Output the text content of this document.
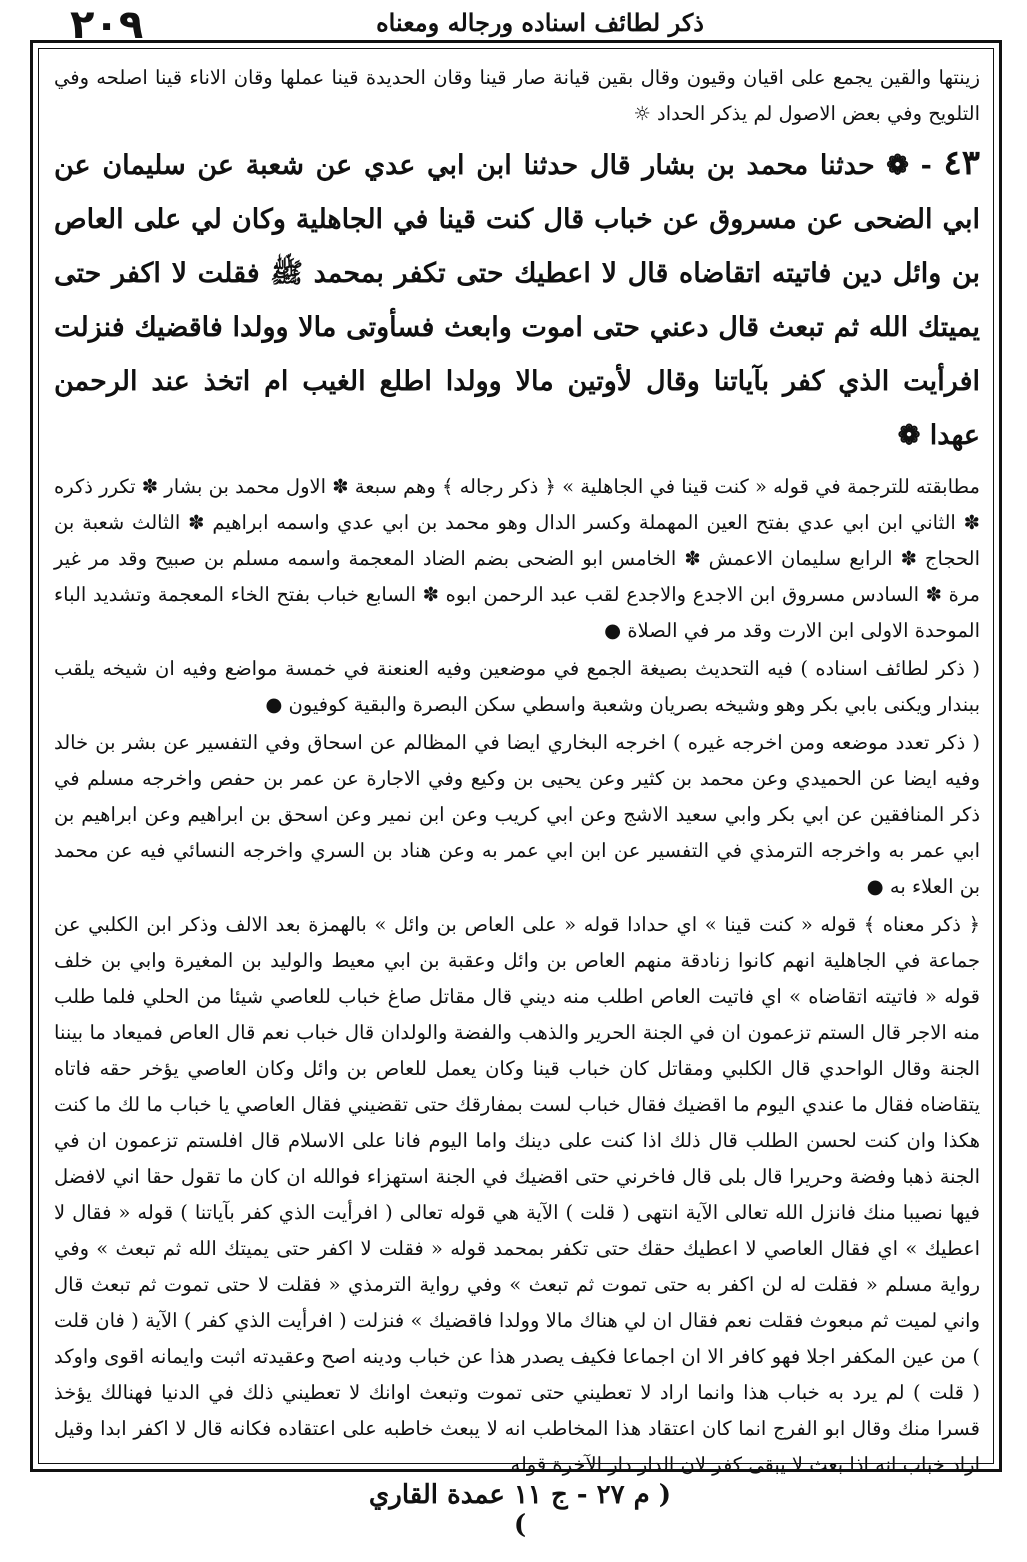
٢٠٩	ذكر لطائف اسناده ورجاله ومعناه

زينتها والقين يجمع على اقيان وقيون وقال بقين قيانة صار قينا وقان الحديدة قينا عملها وقان الاناء قينا اصلحه وفي التلويح وفي بعض الاصول لم يذكر الحداد ☼

٤٣ - ❁ حدثنا محمد بن بشار قال حدثنا ابن ابي عدي عن شعبة عن سليمان عن ابي الضحى عن مسروق عن خباب قال كنت قينا في الجاهلية وكان لي على العاص بن وائل دين فاتيته اتقاضاه قال لا اعطيك حتى تكفر بمحمد ﷺ فقلت لا اكفر حتى يميتك الله ثم تبعث قال دعني حتى اموت وابعث فسأوتى مالا وولدا فاقضيك فنزلت افرأيت الذي كفر بآياتنا وقال لأوتين مالا وولدا اطلع الغيب ام اتخذ عند الرحمن عهدا ❁

مطابقته للترجمة في قوله « كنت قينا في الجاهلية » ﴿ ذكر رجاله ﴾ وهم سبعة ✽ الاول محمد بن بشار ✽ تكرر ذكره ✽ الثاني ابن ابي عدي بفتح العين المهملة وكسر الدال وهو محمد بن ابي عدي واسمه ابراهيم ✽ الثالث شعبة بن الحجاج ✽ الرابع سليمان الاعمش ✽ الخامس ابو الضحى بضم الضاد المعجمة واسمه مسلم بن صبيح وقد مر غير مرة ✽ السادس مسروق ابن الاجدع والاجدع لقب عبد الرحمن ابوه ✽ السابع خباب بفتح الخاء المعجمة وتشديد الباء الموحدة الاولى ابن الارت وقد مر في الصلاة ●

( ذكر لطائف اسناده ) فيه التحديث بصيغة الجمع في موضعين وفيه العنعنة في خمسة مواضع وفيه ان شيخه يلقب ببندار ويكنى بابي بكر وهو وشيخه بصريان وشعبة واسطي سكن البصرة والبقية كوفيون ●

( ذكر تعدد موضعه ومن اخرجه غيره ) اخرجه البخاري ايضا في المظالم عن اسحاق وفي التفسير عن بشر بن خالد وفيه ايضا عن الحميدي وعن محمد بن كثير وعن يحيى بن وكيع وفي الاجارة عن عمر بن حفص واخرجه مسلم في ذكر المنافقين عن ابي بكر وابي سعيد الاشج وعن ابي كريب وعن ابن نمير وعن اسحق بن ابراهيم وعن ابراهيم بن ابي عمر به واخرجه الترمذي في التفسير عن ابن ابي عمر به وعن هناد بن السري واخرجه النسائي فيه عن محمد بن العلاء به ●

﴿ ذكر معناه ﴾ قوله « كنت قينا » اي حدادا قوله « على العاص بن وائل » بالهمزة بعد الالف وذكر ابن الكلبي عن جماعة في الجاهلية انهم كانوا زنادقة منهم العاص بن وائل وعقبة بن ابي معيط والوليد بن المغيرة وابي بن خلف قوله « فاتيته اتقاضاه » اي فاتيت العاص اطلب منه ديني قال مقاتل صاغ خباب للعاصي شيئا من الحلي فلما طلب منه الاجر قال الستم تزعمون ان في الجنة الحرير والذهب والفضة والولدان قال خباب نعم قال العاص فميعاد ما بيننا الجنة وقال الواحدي قال الكلبي ومقاتل كان خباب قينا وكان يعمل للعاص بن وائل وكان العاصي يؤخر حقه فاتاه يتقاضاه فقال ما عندي اليوم ما اقضيك فقال خباب لست بمفارقك حتى تقضيني فقال العاصي يا خباب ما لك ما كنت هكذا وان كنت لحسن الطلب قال ذلك اذا كنت على دينك واما اليوم فانا على الاسلام قال افلستم تزعمون ان في الجنة ذهبا وفضة وحريرا قال بلى قال فاخرني حتى اقضيك في الجنة استهزاء فوالله ان كان ما تقول حقا اني لافضل فيها نصيبا منك فانزل الله تعالى الآية انتهى ( قلت ) الآية هي قوله تعالى ( افرأيت الذي كفر بآياتنا ) قوله « فقال لا اعطيك » اي فقال العاصي لا اعطيك حقك حتى تكفر بمحمد قوله « فقلت لا اكفر حتى يميتك الله ثم تبعث » وفي رواية مسلم « فقلت له لن اكفر به حتى تموت ثم تبعث » وفي رواية الترمذي « فقلت لا حتى تموت ثم تبعث قال واني لميت ثم مبعوث فقلت نعم فقال ان لي هناك مالا وولدا فاقضيك » فنزلت ( افرأيت الذي كفر ) الآية ( فان قلت ) من عين المكفر اجلا فهو كافر الا ان اجماعا فكيف يصدر هذا عن خباب ودينه اصح وعقيدته اثبت وايمانه اقوى واوكد ( قلت ) لم يرد به خباب هذا وانما اراد لا تعطيني حتى تموت وتبعث اوانك لا تعطيني ذلك في الدنيا فهنالك يؤخذ قسرا منك وقال ابو الفرج انما كان اعتقاد هذا المخاطب انه لا يبعث خاطبه على اعتقاده فكانه قال لا اكفر ابدا وقيل اراد خباب انه اذا بعث لا يبقى كفر لان الدار دار الآخرة قوله

( م ٢٧ - ج ١١ عمدة القاري )
